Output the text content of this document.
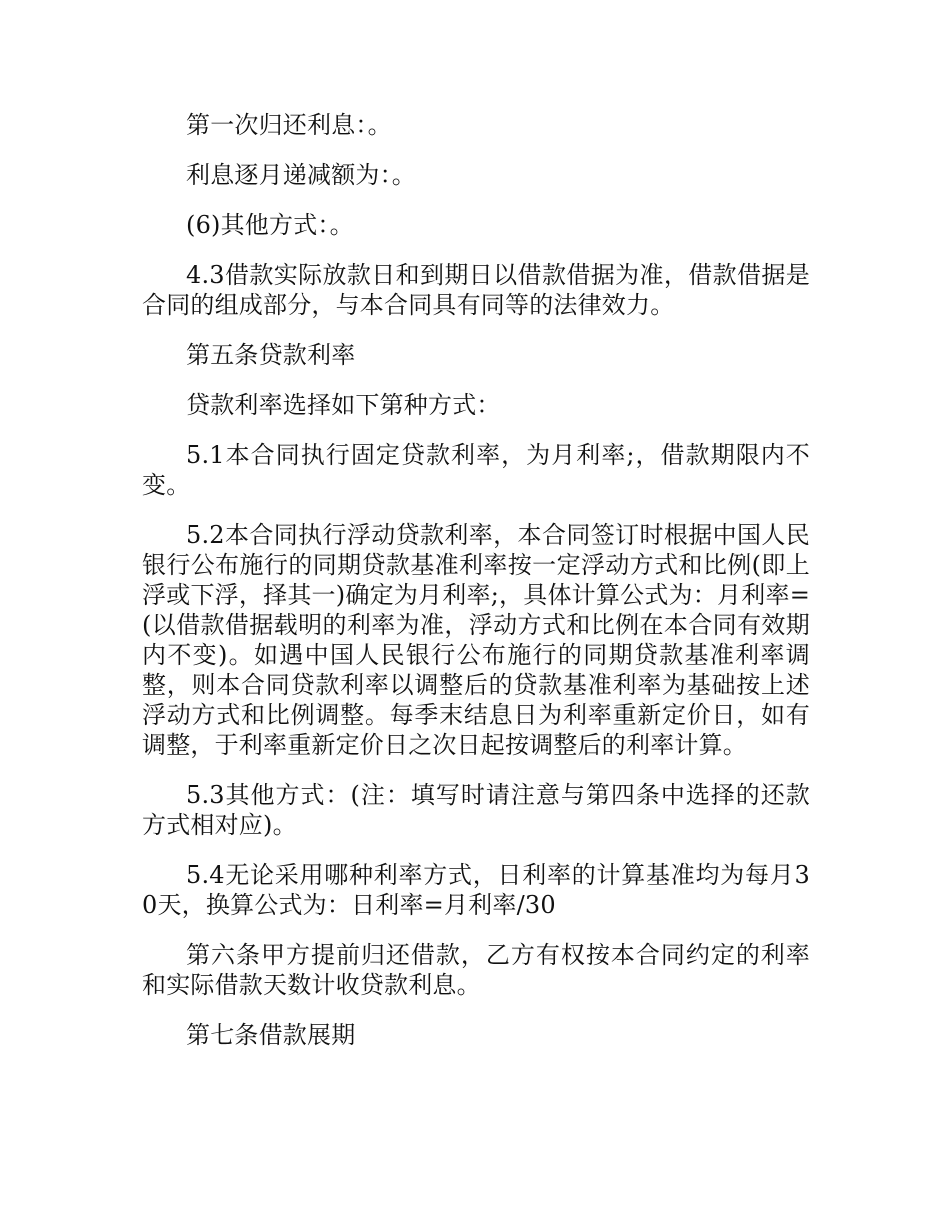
第一次归还利息：。

利息逐月递减额为：。

(6)其他方式：。

4.3借款实际放款日和到期日以借款借据为准，借款借据是合同的组成部分，与本合同具有同等的法律效力。

第五条贷款利率

贷款利率选择如下第种方式：

5.1本合同执行固定贷款利率，为月利率;，借款期限内不变。

5.2本合同执行浮动贷款利率，本合同签订时根据中国人民银行公布施行的同期贷款基准利率按一定浮动方式和比例(即上浮或下浮，择其一)确定为月利率;，具体计算公式为：月利率=(以借款借据载明的利率为准，浮动方式和比例在本合同有效期内不变)。如遇中国人民银行公布施行的同期贷款基准利率调整，则本合同贷款利率以调整后的贷款基准利率为基础按上述浮动方式和比例调整。每季末结息日为利率重新定价日，如有调整，于利率重新定价日之次日起按调整后的利率计算。

5.3其他方式：(注：填写时请注意与第四条中选择的还款方式相对应)。

5.4无论采用哪种利率方式，日利率的计算基准均为每月30天，换算公式为：日利率=月利率/30

第六条甲方提前归还借款，乙方有权按本合同约定的利率和实际借款天数计收贷款利息。

第七条借款展期
